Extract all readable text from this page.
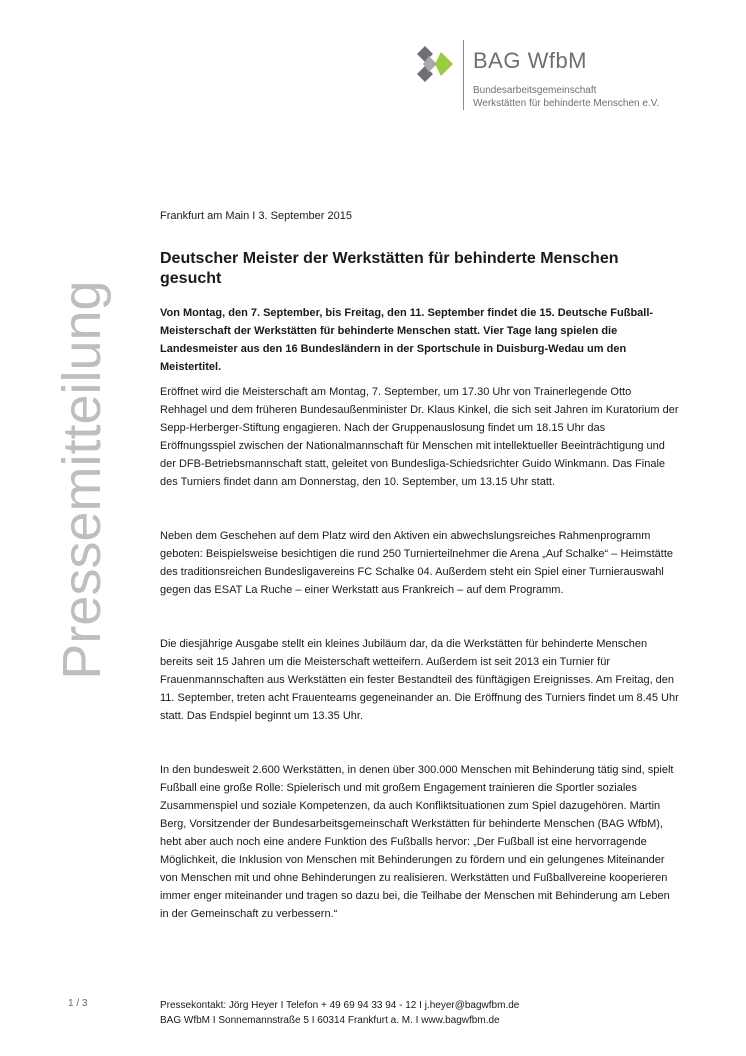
BAG WfbM
Bundesarbeitsgemeinschaft
Werkstätten für behinderte Menschen e.V.
Pressemitteilung
Frankfurt am Main I 3. September 2015
Deutscher Meister der Werkstätten für behinderte Menschen gesucht
Von Montag, den 7. September, bis Freitag, den 11. September findet die 15. Deutsche Fußball-Meisterschaft der Werkstätten für behinderte Menschen statt. Vier Tage lang spielen die Landesmeister aus den 16 Bundesländern in der Sportschule in Duisburg-Wedau um den Meistertitel.
Eröffnet wird die Meisterschaft am Montag, 7. September, um 17.30 Uhr von Trainerlegende Otto Rehhagel und dem früheren Bundesaußenminister Dr. Klaus Kinkel, die sich seit Jahren im Kuratorium der Sepp-Herberger-Stiftung engagieren. Nach der Gruppenauslosung findet um 18.15 Uhr das Eröffnungsspiel zwischen der Nationalmannschaft für Menschen mit intellektueller Beeinträchtigung und der DFB-Betriebsmannschaft statt, geleitet von Bundesliga-Schiedsrichter Guido Winkmann. Das Finale des Turniers findet dann am Donnerstag, den 10. September, um 13.15 Uhr statt.
Neben dem Geschehen auf dem Platz wird den Aktiven ein abwechslungsreiches Rahmenprogramm geboten: Beispielsweise besichtigen die rund 250 Turnierteilnehmer die Arena „Auf Schalke“ – Heimstätte des traditionsreichen Bundesligavereins FC Schalke 04. Außerdem steht ein Spiel einer Turnierauswahl gegen das ESAT La Ruche – einer Werkstatt aus Frankreich – auf dem Programm.
Die diesjährige Ausgabe stellt ein kleines Jubiläum dar, da die Werkstätten für behinderte Menschen bereits seit 15 Jahren um die Meisterschaft wetteifern. Außerdem ist seit 2013 ein Turnier für Frauenmannschaften aus Werkstätten ein fester Bestandteil des fünftägigen Ereignisses. Am Freitag, den 11. September, treten acht Frauenteams gegeneinander an. Die Eröffnung des Turniers findet um 8.45 Uhr statt. Das Endspiel beginnt um 13.35 Uhr.
In den bundesweit 2.600 Werkstätten, in denen über 300.000 Menschen mit Behinderung tätig sind, spielt Fußball eine große Rolle: Spielerisch und mit großem Engagement trainieren die Sportler soziales Zusammenspiel und soziale Kompetenzen, da auch Konfliktsituationen zum Spiel dazugehören. Martin Berg, Vorsitzender der Bundesarbeitsgemeinschaft Werkstätten für behinderte Menschen (BAG WfbM), hebt aber auch noch eine andere Funktion des Fußballs hervor: „Der Fußball ist eine hervorragende Möglichkeit, die Inklusion von Menschen mit Behinderungen zu fördern und ein gelungenes Miteinander von Menschen mit und ohne Behinderungen zu realisieren. Werkstätten und Fußballvereine kooperieren immer enger miteinander und tragen so dazu bei, die Teilhabe der Menschen mit Behinderung am Leben in der Gemeinschaft zu verbessern.“
1 / 3	Pressekontakt: Jörg Heyer I Telefon + 49 69 94 33 94 - 12 I j.heyer@bagwfbm.de
BAG WfbM I Sonnemannstraße 5 I 60314 Frankfurt a. M. I www.bagwfbm.de
